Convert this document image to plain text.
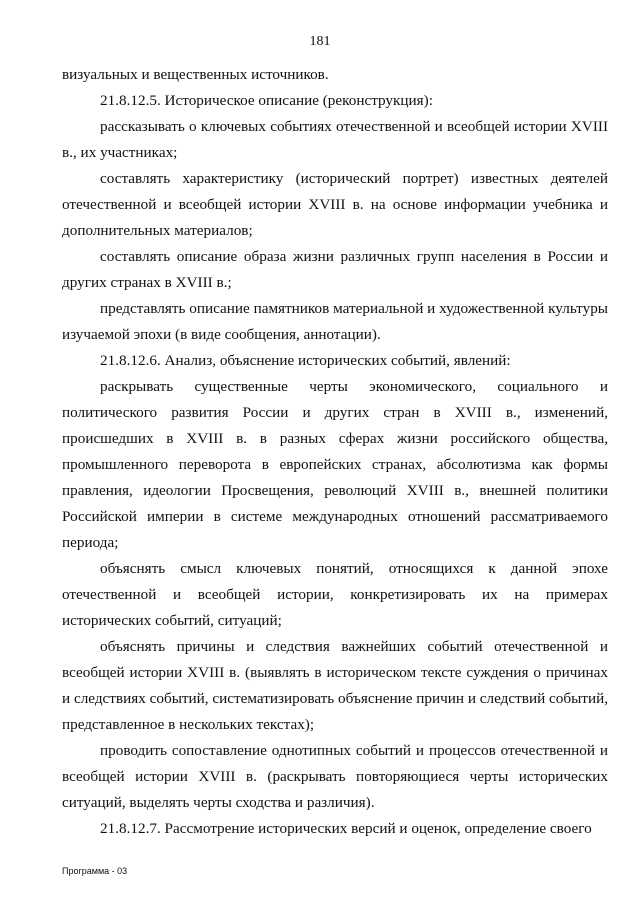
181

визуальных и вещественных источников.

21.8.12.5. Историческое описание (реконструкция):

рассказывать о ключевых событиях отечественной и всеобщей истории XVIII в., их участниках;

составлять характеристику (исторический портрет) известных деятелей отечественной и всеобщей истории XVIII в. на основе информации учебника и дополнительных материалов;

составлять описание образа жизни различных групп населения в России и других странах в XVIII в.;

представлять описание памятников материальной и художественной культуры изучаемой эпохи (в виде сообщения, аннотации).

21.8.12.6. Анализ, объяснение исторических событий, явлений:

раскрывать существенные черты экономического, социального и политического развития России и других стран в XVIII в., изменений, происшедших в XVIII в. в разных сферах жизни российского общества, промышленного переворота в европейских странах, абсолютизма как формы правления, идеологии Просвещения, революций XVIII в., внешней политики Российской империи в системе международных отношений рассматриваемого периода;

объяснять смысл ключевых понятий, относящихся к данной эпохе отечественной и всеобщей истории, конкретизировать их на примерах исторических событий, ситуаций;

объяснять причины и следствия важнейших событий отечественной и всеобщей истории XVIII в. (выявлять в историческом тексте суждения о причинах и следствиях событий, систематизировать объяснение причин и следствий событий, представленное в нескольких текстах);

проводить сопоставление однотипных событий и процессов отечественной и всеобщей истории XVIII в. (раскрывать повторяющиеся черты исторических ситуаций, выделять черты сходства и различия).

21.8.12.7. Рассмотрение исторических версий и оценок, определение своего

Программа - 03
